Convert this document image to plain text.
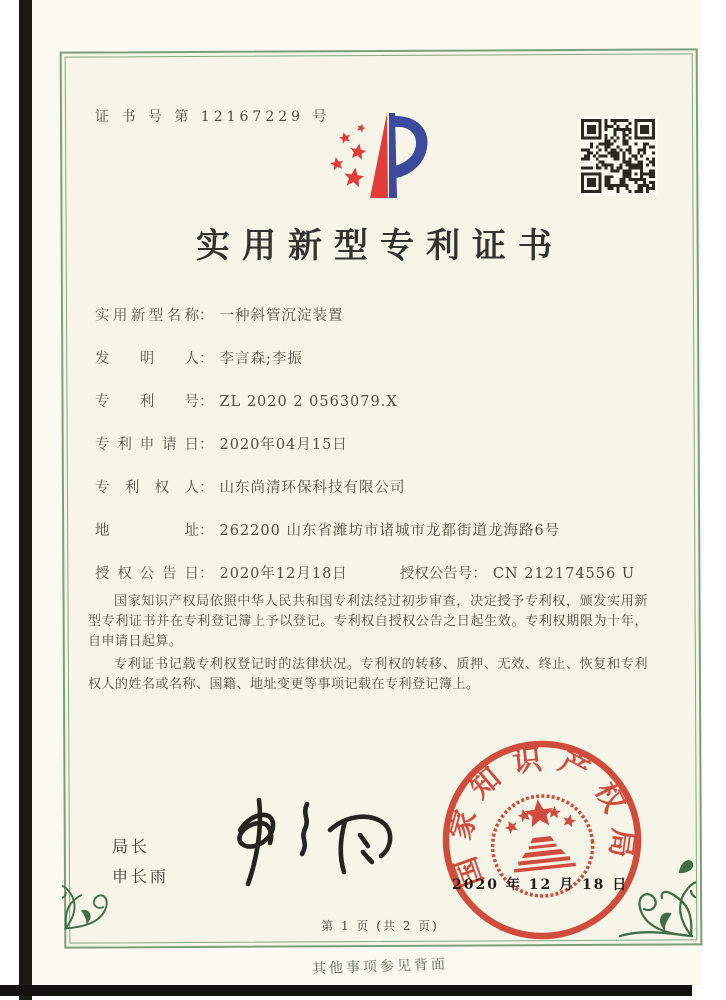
证 书 号 第 12167229 号
实用新型专利证书
实用新型名称： 一种斜管沉淀装置
发明人： 李言森;李振
专利号： ZL 2020 2 0563079.X
专利申请日： 2020年04月15日
专利权人： 山东尚清环保科技有限公司
地址： 262200 山东省潍坊市诸城市龙都街道龙海路6号
授权公告日： 2020年12月18日	授权公告号： CN 212174556 U

国家知识产权局依照中华人民共和国专利法经过初步审查，决定授予专利权，颁发实用新型专利证书并在专利登记簿上予以登记。专利权自授权公告之日起生效。专利权期限为十年，自申请日起算。

专利证书记载专利权登记时的法律状况。专利权的转移、质押、无效、终止、恢复和专利权人的姓名或名称、国籍、地址变更等事项记载在专利登记簿上。

局长
申长雨	国家知识产权局
2020 年 12 月 18 日
第 1 页 (共 2 页)
其他事项参见背面
